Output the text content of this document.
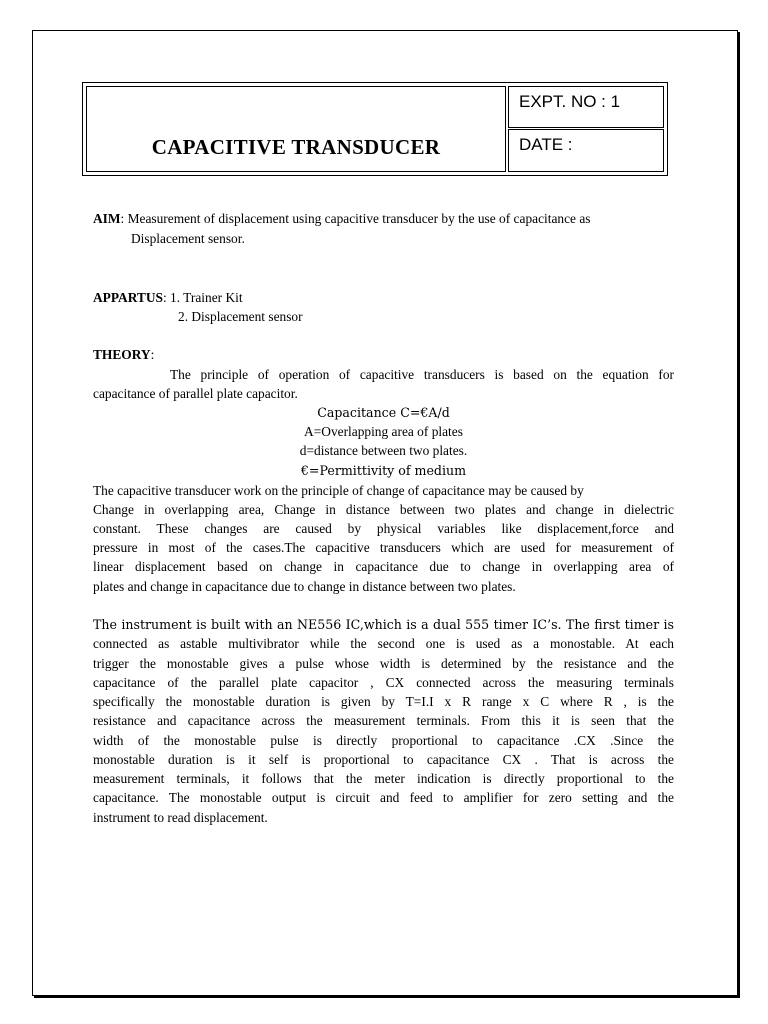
CAPACITIVE TRANSDUCER
EXPT. NO : 1
DATE :
AIM: Measurement of displacement using capacitive transducer by the use of capacitance as
Displacement sensor.
APPARTUS: 1. Trainer Kit
2. Displacement sensor
THEORY:
The principle of operation of capacitive transducers is based on the equation for
capacitance of parallel plate capacitor.
Capacitance C=€A/d
A=Overlapping area of plates
d=distance between two plates.
€=Permittivity of medium
The capacitive transducer work on the principle of change of capacitance may be caused by
Change in overlapping area, Change in distance between two plates and change in dielectric
constant. These changes are caused by physical variables like displacement,force and
pressure in most of the cases.The capacitive transducers which are used for measurement of
linear displacement based on change in capacitance due to change in overlapping area of
plates and change in capacitance due to change in distance between two plates.
The instrument is built with an NE556 IC,which is a dual 555 timer IC’s. The first timer is
connected as astable multivibrator while the second one is used as a monostable. At each
trigger the monostable gives a pulse whose width is determined by the resistance and the
capacitance of the parallel plate capacitor , CX connected across the measuring terminals
specifically the monostable duration is given by T=I.I x R range x C where R , is the
resistance and capacitance across the measurement terminals. From this it is seen that the
width of the monostable pulse is directly proportional to capacitance .CX .Since the
monostable duration is it self is proportional to capacitance CX . That is across the
measurement terminals, it follows that the meter indication is directly proportional to the
capacitance. The monostable output is circuit and feed to amplifier for zero setting and the
instrument to read displacement.
